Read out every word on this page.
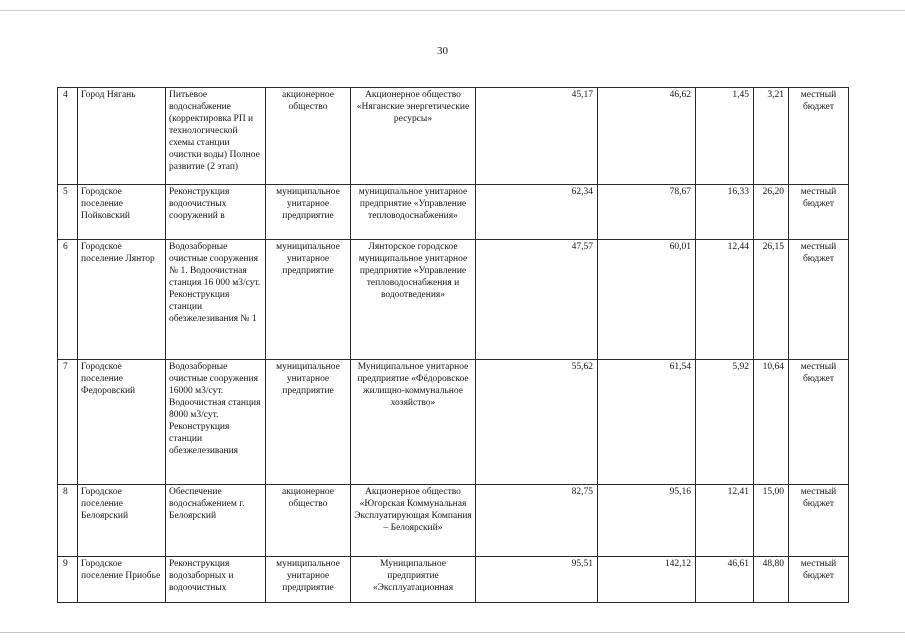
30
4	Город Нягань	Питьевое водоснабжение (корректировка РП и технологической схемы станции очистки воды) Полное развитие (2 этап)	акционерное общество	Акционерное общество «Няганские энергетические ресурсы»	45,17	46,62	1,45	3,21	местный бюджет
5	Городское поселение Пойковский	Реконструкция водоочистных сооружений в	муниципальное унитарное предприятие	муниципальное унитарное предприятие «Управление тепловодоснабжения»	62,34	78,67	16,33	26,20	местный бюджет
6	Городское поселение Лянтор	Водозаборные очистные сооружения № 1. Водоочистная станция 16 000 м3/сут. Реконструкция станции обезжелезивания № 1	муниципальное унитарное предприятие	Лянторское городское муниципальное унитарное предприятие «Управление тепловодоснабжения и водоотведения»	47,57	60,01	12,44	26,15	местный бюджет
7	Городское поселение Федоровский	Водозаборные очистные сооружения 16000 м3/сут. Водоочистная станция 8000 м3/сут. Реконструкция станции обезжелезивания	муниципальное унитарное предприятие	Муниципальное унитарное предприятие «Фёдоровское жилищно-коммунальное хозяйство»	55,62	61,54	5,92	10,64	местный бюджет
8	Городское поселение Белоярский	Обеспечение водоснабжением г. Белоярский	акционерное общество	Акционерное общество «Югорская Коммунальная Эксплуатирующая Компания – Белоярский»	82,75	95,16	12,41	15,00	местный бюджет
9	Городское поселение Приобье	Реконструкция водозаборных и водоочистных	муниципальное унитарное предприятие	Муниципальное предприятие «Эксплуатационная	95,51	142,12	46,61	48,80	местный бюджет
